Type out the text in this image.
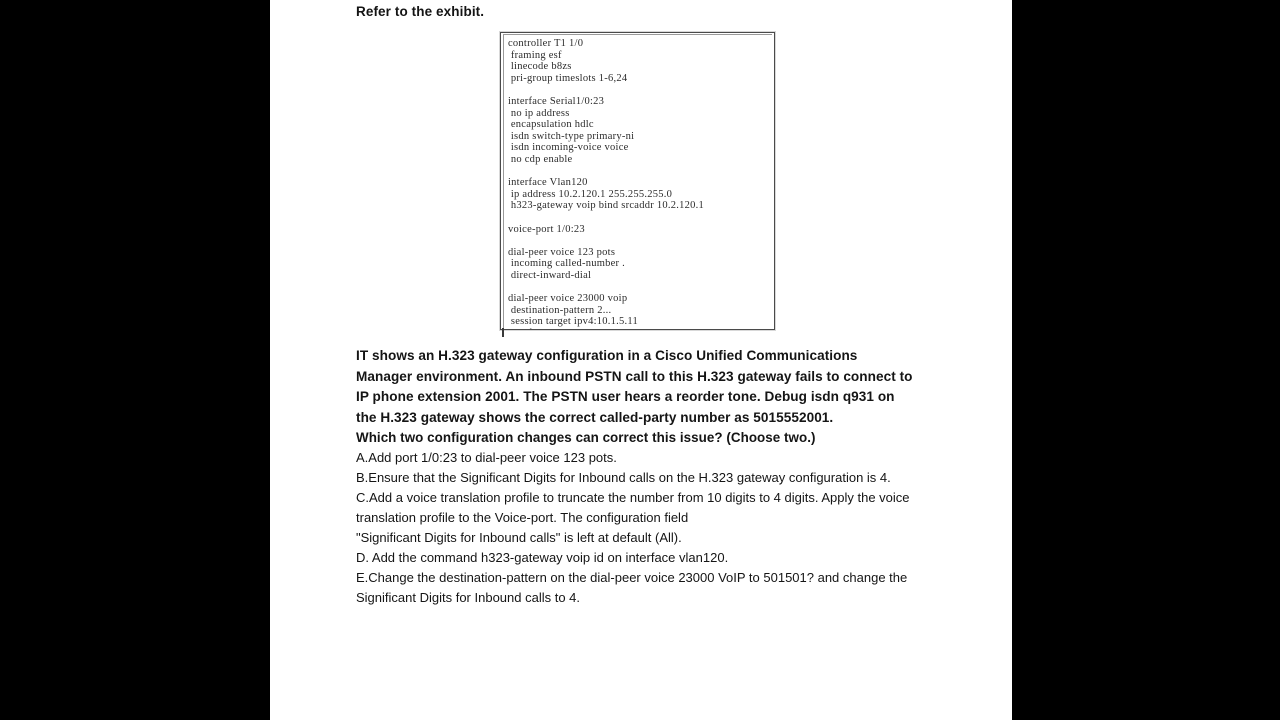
Refer to the exhibit.

controller T1 1/0
framing esf
linecode b8zs
pri-group timeslots 1-6,24
interface Serial1/0:23
no ip address
encapsulation hdlc
isdn switch-type primary-ni
isdn incoming-voice voice
no cdp enable
interface Vlan120
ip address 10.2.120.1 255.255.255.0
h323-gateway voip bind srcaddr 10.2.120.1
voice-port 1/0:23
dial-peer voice 123 pots
incoming called-number .
direct-inward-dial
dial-peer voice 23000 voip
destination-pattern 2...
session target ipv4:10.1.5.11

IT shows an H.323 gateway configuration in a Cisco Unified Communications Manager environment. An inbound PSTN call to this H.323 gateway fails to connect to IP phone extension 2001. The PSTN user hears a reorder tone. Debug isdn q931 on the H.323 gateway shows the correct called-party number as 5015552001.

Which two configuration changes can correct this issue? (Choose two.)

A.Add port 1/0:23 to dial-peer voice 123 pots.

B.Ensure that the Significant Digits for Inbound calls on the H.323 gateway configuration is 4.

C.Add a voice translation profile to truncate the number from 10 digits to 4 digits. Apply the voice translation profile to the Voice-port. The configuration field

"Significant Digits for Inbound calls" is left at default (All).

D. Add the command h323-gateway voip id on interface vlan120.

E.Change the destination-pattern on the dial-peer voice 23000 VoIP to 501501? and change the Significant Digits for Inbound calls to 4.
